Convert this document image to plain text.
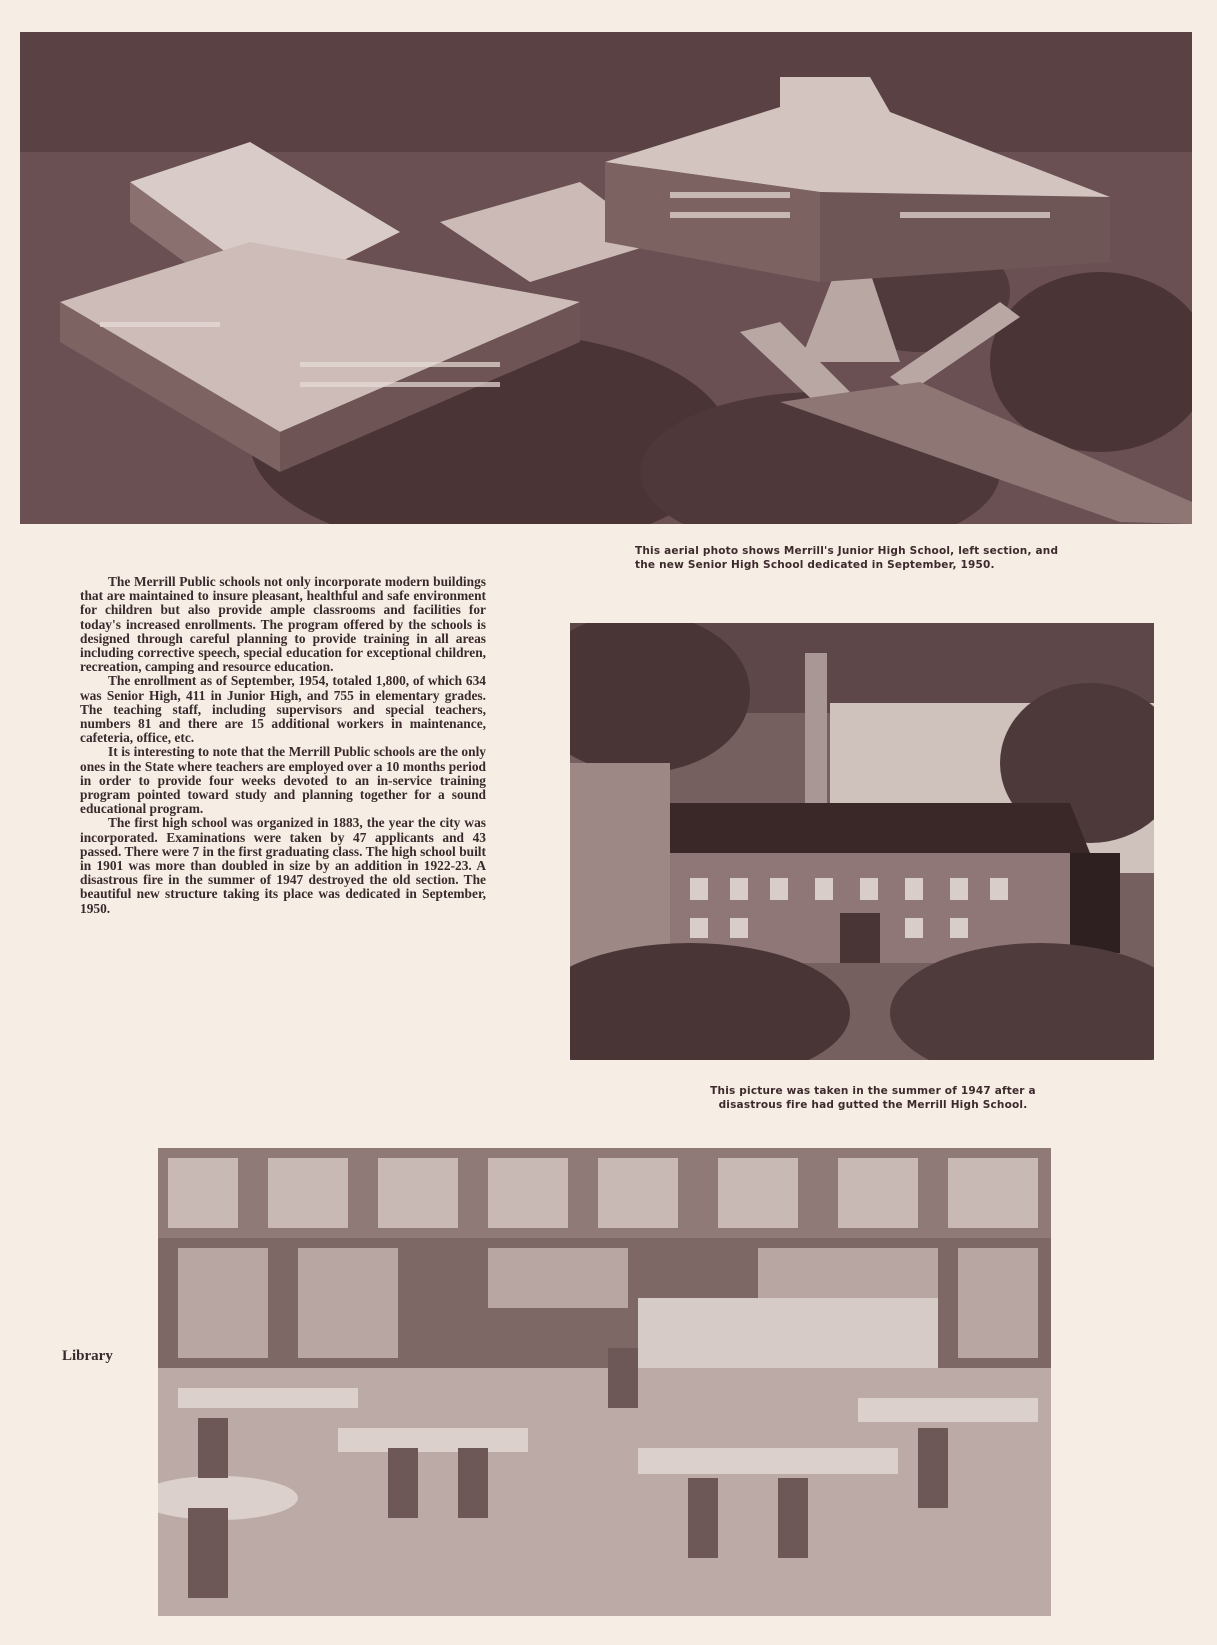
This aerial photo shows Merrill's Junior High School, left section, and
the new Senior High School dedicated in September, 1950.

The Merrill Public schools not only incorporate modern buildings that are maintained to insure pleasant, healthful and safe environment for children but also provide ample classrooms and facilities for today's increased enrollments. The program offered by the schools is designed through careful planning to provide training in all areas including corrective speech, special education for exceptional children, recreation, camping and resource education.

The enrollment as of September, 1954, totaled 1,800, of which 634 was Senior High, 411 in Junior High, and 755 in elementary grades. The teaching staff, including supervisors and special teachers, numbers 81 and there are 15 additional workers in maintenance, cafeteria, office, etc.

It is interesting to note that the Merrill Public schools are the only ones in the State where teachers are employed over a 10 months period in order to provide four weeks devoted to an in-service training program pointed toward study and planning together for a sound educational program.

The first high school was organized in 1883, the year the city was incorporated. Examinations were taken by 47 applicants and 43 passed. There were 7 in the first graduating class. The high school built in 1901 was more than doubled in size by an addition in 1922-23. A disastrous fire in the summer of 1947 destroyed the old section. The beautiful new structure taking its place was dedicated in September, 1950.

This picture was taken in the summer of 1947 after a
disastrous fire had gutted the Merrill High School.
Library
